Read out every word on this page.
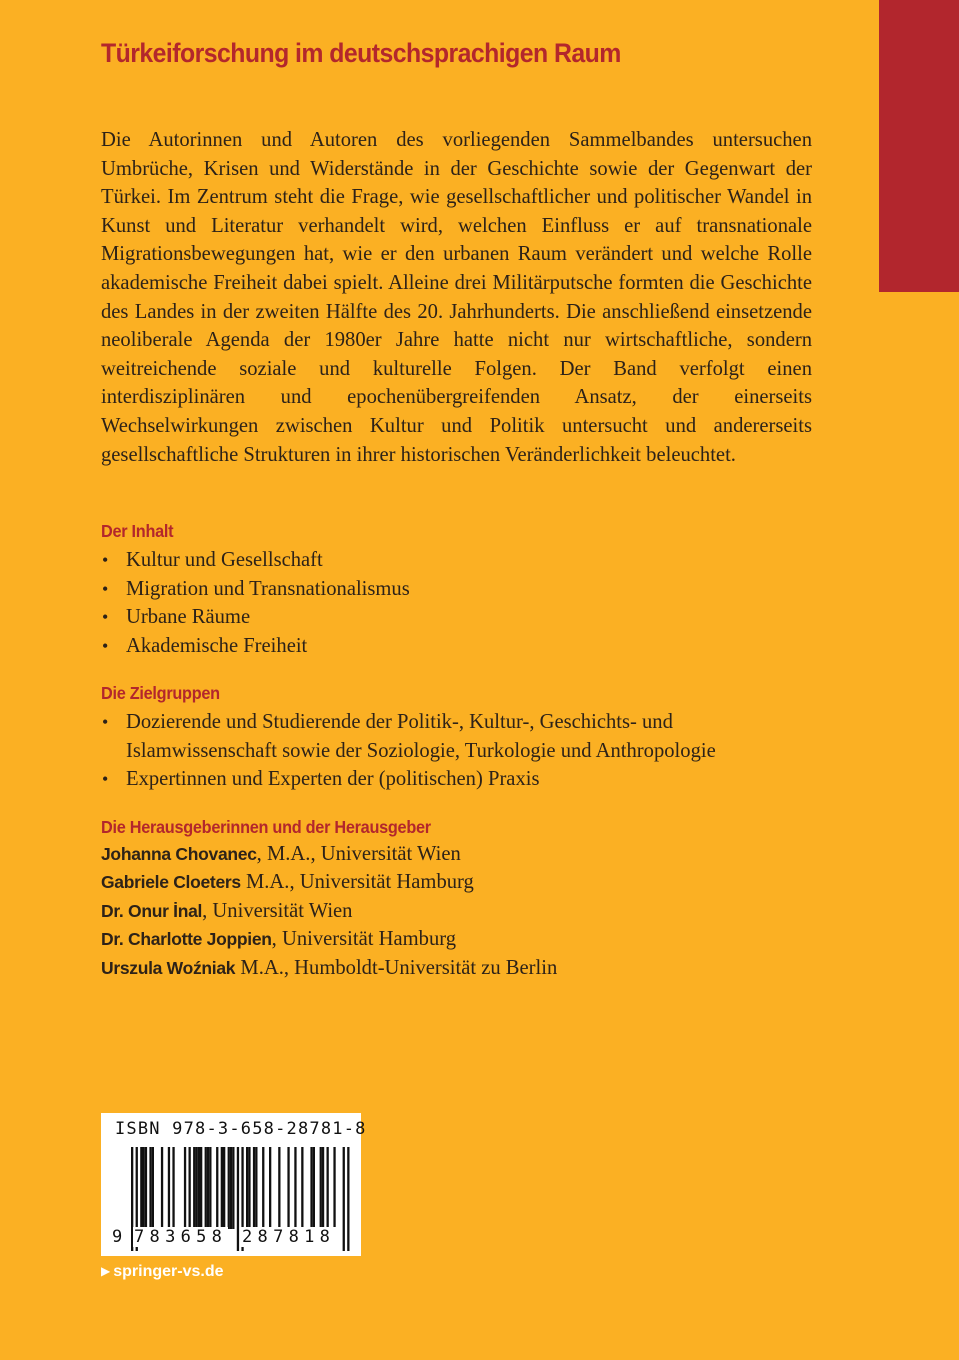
Türkeiforschung im deutschsprachigen Raum
Die Autorinnen und Autoren des vorliegenden Sammelbandes untersuchen Umbrüche, Krisen und Widerstände in der Geschichte sowie der Gegenwart der Türkei. Im Zentrum steht die Frage, wie gesellschaftlicher und politischer Wandel in Kunst und Literatur verhandelt wird, welchen Einfluss er auf transnationale Migrationsbewegungen hat, wie er den urbanen Raum verändert und welche Rolle akademische Freiheit dabei spielt. Alleine drei Militärputsche formten die Geschichte des Landes in der zweiten Hälfte des 20. Jahrhunderts. Die anschließend einsetzende neoliberale Agenda der 1980er Jahre hatte nicht nur wirtschaftliche, sondern weitreichende soziale und kulturelle Folgen. Der Band verfolgt einen interdisziplinären und epochenübergreifenden Ansatz, der einerseits Wechselwirkungen zwischen Kultur und Politik untersucht und andererseits gesellschaftliche Strukturen in ihrer historischen Veränderlichkeit beleuchtet.
Der Inhalt
• Kultur und Gesellschaft
• Migration und Transnationalismus
• Urbane Räume
• Akademische Freiheit
Die Zielgruppen
• Dozierende und Studierende der Politik-, Kultur-, Geschichts- und Islamwissenschaft sowie der Soziologie, Turkologie und Anthropologie
• Expertinnen und Experten der (politischen) Praxis
Die Herausgeberinnen und der Herausgeber
Johanna Chovanec, M.A., Universität Wien
Gabriele Cloeters M.A., Universität Hamburg
Dr. Onur İnal, Universität Wien
Dr. Charlotte Joppien, Universität Hamburg
Urszula Woźniak M.A., Humboldt-Universität zu Berlin
ISBN 978-3-658-28781-8
9 783658 287818
▶ springer-vs.de
